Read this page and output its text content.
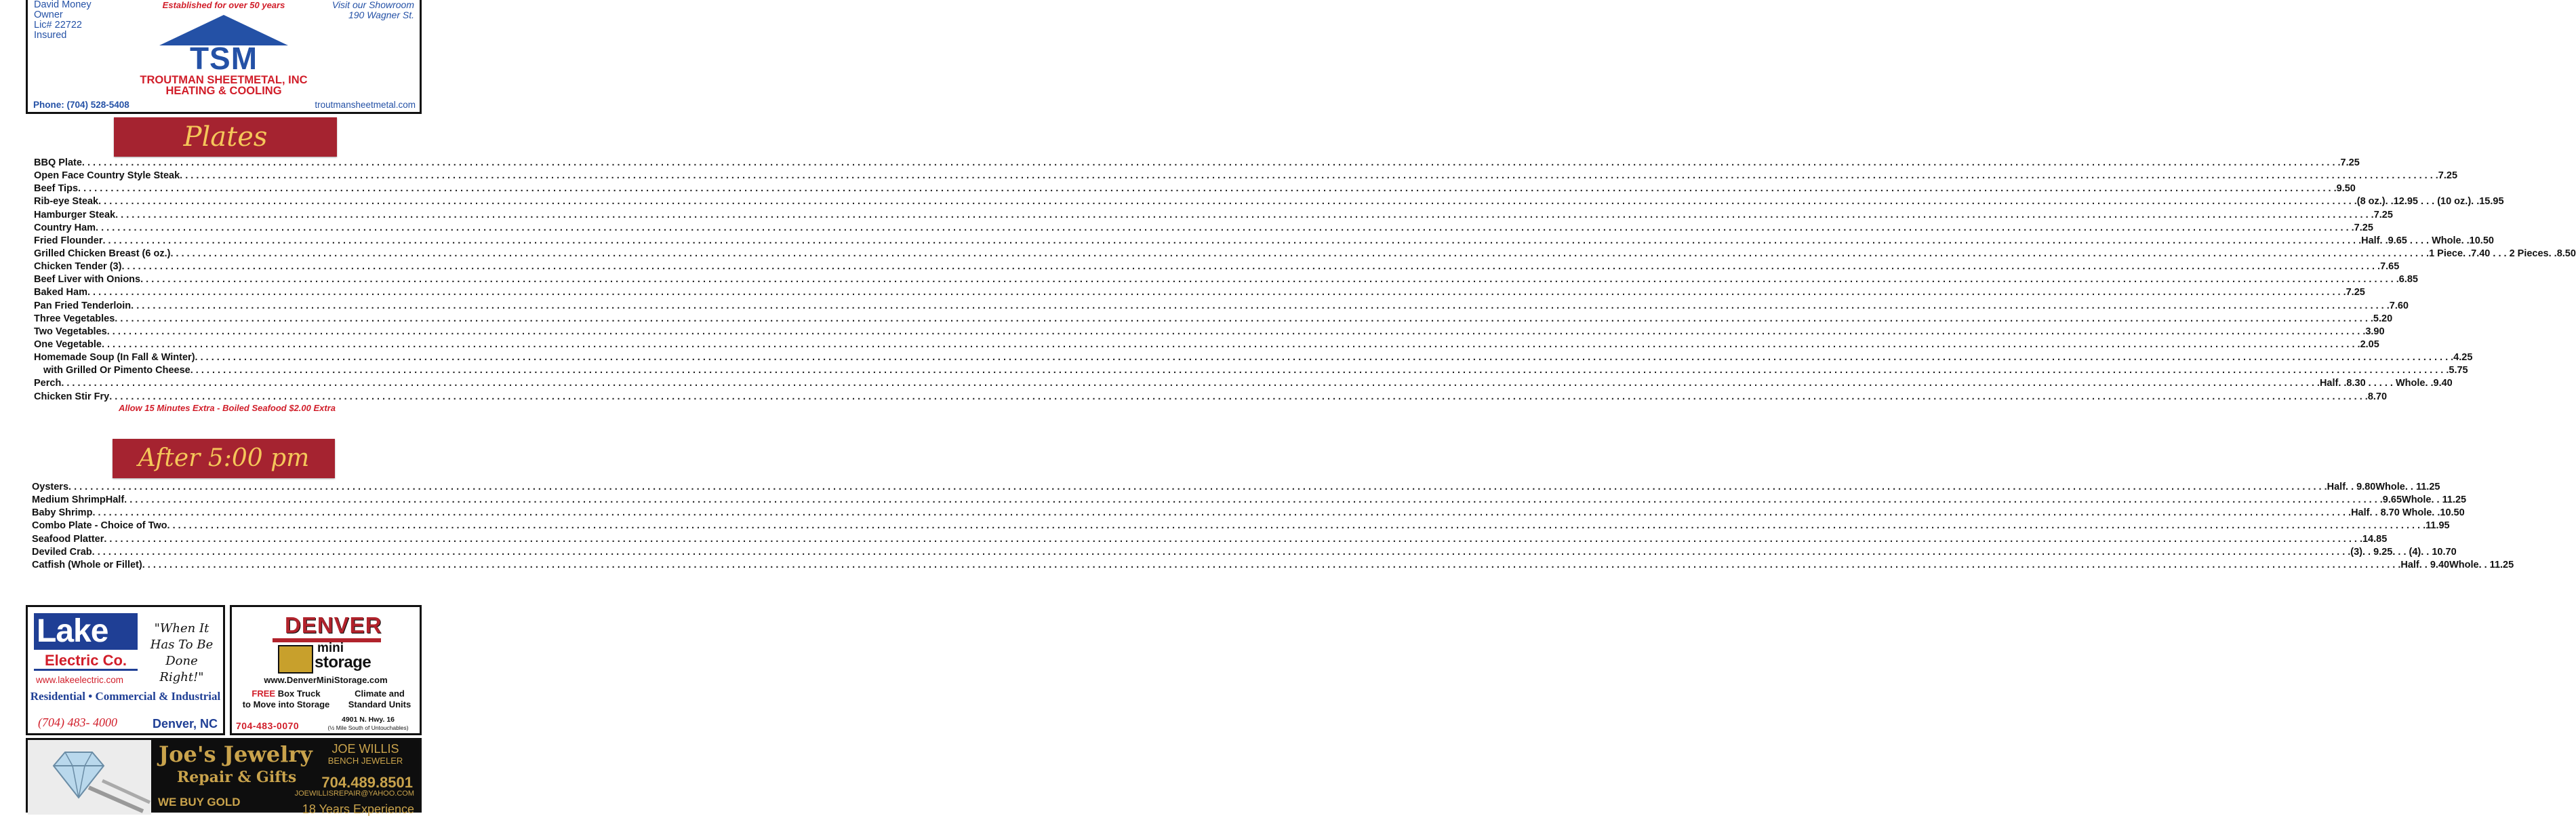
David Money
Owner
Lic# 22722
Insured
Established for over 50 years	Visit our Showroom
190 Wagner St.
TSM
TROUTMAN SHEETMETAL, INC
HEATING & COOLING
Phone: (704) 528-5408	troutmansheetmetal.com
Plates
BBQ Plate . . .	7.25
Open Face Country Style Steak . . .	7.25
Beef Tips . . .	9.50
Rib-eye Steak . . .	(8 oz.). .12.95 . . . (10 oz.). .15.95
Hamburger Steak . . .	7.25
Country Ham . . .	7.25
Fried Flounder . . .	Half. .9.65 . . . . Whole. .10.50
Grilled Chicken Breast (6 oz.) . . .	1 Piece. .7.40 . . . 2 Pieces. .8.50
Chicken Tender (3) . . .	7.65
Beef Liver with Onions . . .	6.85
Baked Ham . . .	7.25
Pan Fried Tenderloin . . .	7.60
Three Vegetables . . .	5.20
Two Vegetables . . .	3.90
One Vegetable . . .	2.05
Homemade Soup (In Fall & Winter) . . .	4.25
with Grilled Or Pimento Cheese . . .	5.75
Perch . . .	Half. .8.30 . . . . . Whole. .9.40
Chicken Stir Fry . . .	8.70
Allow 15 Minutes Extra - Boiled Seafood $2.00 Extra
After 5:00 pm
Oysters . . .	Half. . 9.80Whole. . 11.25
Medium ShrimpHalf . . .	9.65Whole. . 11.25
Baby Shrimp . . .	Half. . 8.70 Whole. .10.50
Combo Plate - Choice of Two . . .	11.95
Seafood Platter . . .	14.85
Deviled Crab . . .	(3). . 9.25. . . (4). . 10.70
Catfish (Whole or Fillet) . . .	Half. . 9.40Whole. . 11.25
Lake
Electric Co.
"When It Has To Be Done Right!"
www.lakeelectric.com
Residential • Commercial & Industrial
(704) 483- 4000	Denver, NC
DENVER
mini
storage
www.DenverMiniStorage.com
FREE Box Truck
to Move into Storage
Climate and
Standard Units
704-483-0070
4901 N. Hwy. 16
(½ Mile South of Untouchables)
Joe's Jewelry
Repair & Gifts
WE BUY GOLD
JOE WILLIS
BENCH JEWELER
704.489.8501
JOEWILLISREPAIR@YAHOO.COM
18 Years Experience
